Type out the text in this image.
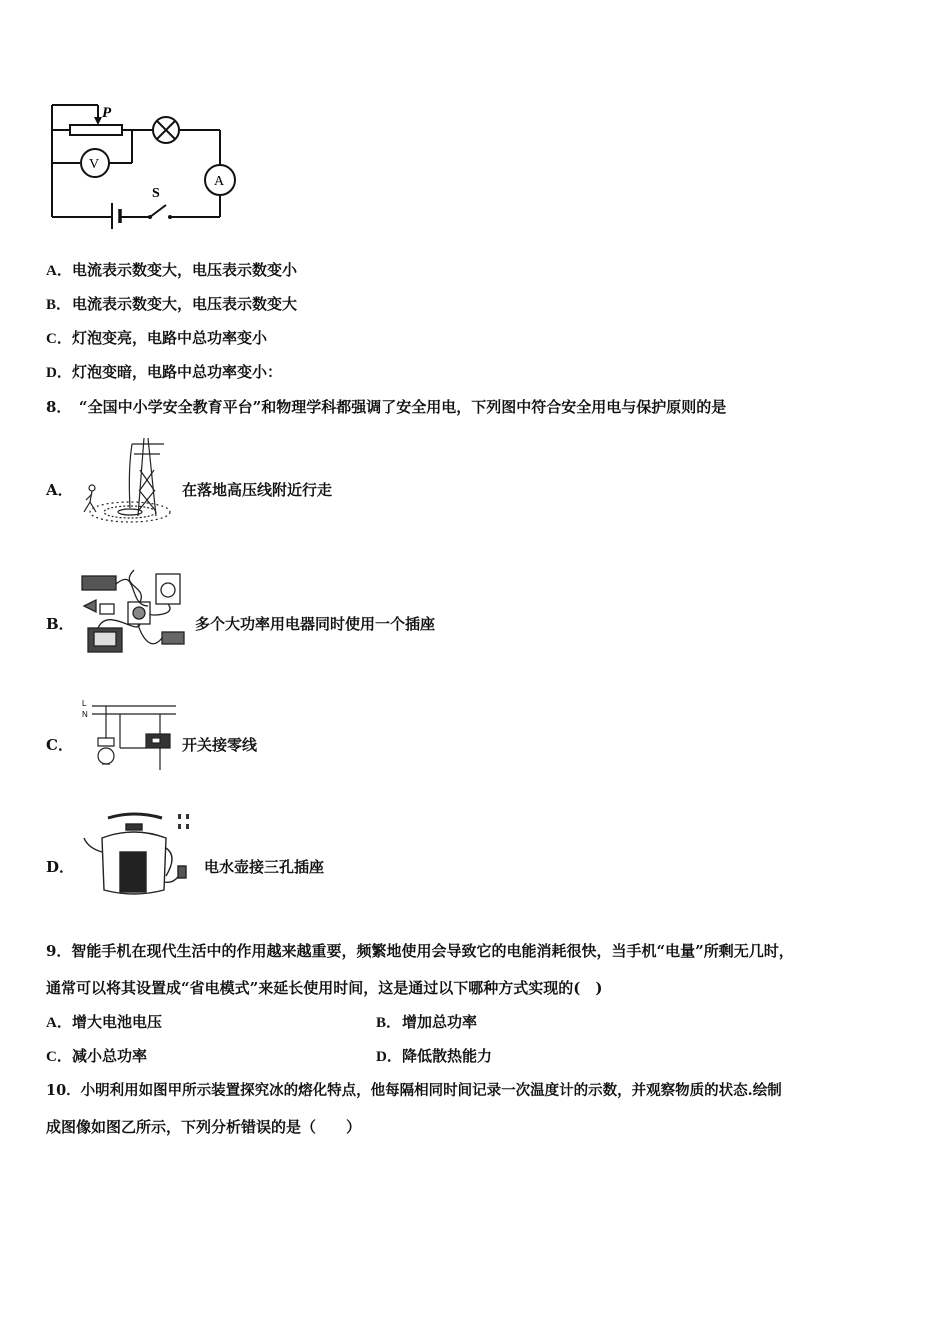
P
S
V
A
A．电流表示数变大，电压表示数变小
B．电流表示数变大，电压表示数变大
C．灯泡变亮，电路中总功率变小
D．灯泡变暗，电路中总功率变小：
8．　“全国中小学安全教育平台”和物理学科都强调了安全用电，下列图中符合安全用电与保护原则的是
A．	在落地高压线附近行走
B．	多个大功率用电器同时使用一个插座
C．
L
N
开关接零线
D．	电水壶接三孔插座
9．智能手机在现代生活中的作用越来越重要，频繁地使用会导致它的电能消耗很快，当手机“电量”所剩无几时，
通常可以将其设置成“省电模式”来延长使用时间，这是通过以下哪种方式实现的(　)
A．增大电池电压	B．增加总功率
C．减小总功率	D．降低散热能力
10．小明利用如图甲所示装置探究冰的熔化特点，他每隔相同时间记录一次温度计的示数，并观察物质的状态.绘制
成图像如图乙所示，下列分析错误的是（　　）
